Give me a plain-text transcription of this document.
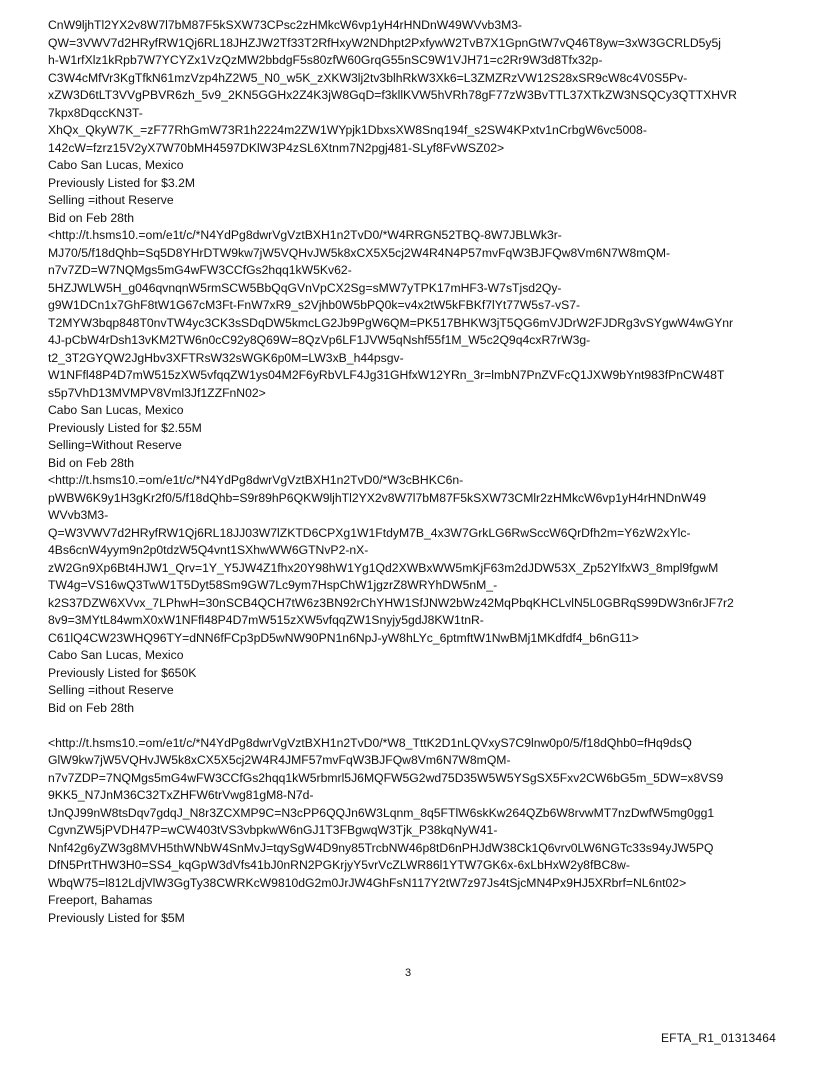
CnW9ljhTl2YX2v8W7l7bM87F5kSXW73CPsc2zHMkcW6vp1yH4rHNDnW49WVvb3M3-
QW=3VWV7d2HRyfRW1Qj6RL18JHZJW2Tf33T2RfHxyW2NDhpt2PxfywW2TvB7X1GpnGtW7vQ46T8yw=3xW3GCRLD5y5j
h-W1rfXlz1kRpb7W7YCYZx1VzQzMW2bbdgF5s80zfW60GrqG55nSC9W1VJH71=c2Rr9W3d8Tfx32p-
C3W4cMfVr3KgTfkN61mzVzp4hZ2W5_N0_w5K_zXKW3lj2tv3blhRkW3Xk6=L3ZMZRzVW12S28xSR9cW8c4V0S5Pv-
xZW3D6tLT3VVgPBVR6zh_5v9_2KN5GGHx2Z4K3jW8GqD=f3kllKVW5hVRh78gF77zW3BvTTL37XTkZW3NSQCy3QTTXHVR
7kpx8DqccKN3T-
XhQx_QkyW7K_=zF77RhGmW73R1h2224m2ZW1WYpjk1DbxsXW8Snq194f_s2SW4KPxtv1nCrbgW6vc5008-
142cW=fzrz15V2yX7W70bMH4597DKlW3P4zSL6Xtnm7N2pgj481-SLyf8FvWSZ02>
Cabo San Lucas, Mexico
Previously Listed for $3.2M
Selling =ithout Reserve
Bid on Feb 28th
<http://t.hsms10.=om/e1t/c/*N4YdPg8dwrVgVztBXH1n2TvD0/*W4RRGN52TBQ-8W7JBLWk3r-
MJ70/5/f18dQhb=Sq5D8YHrDTW9kw7jW5VQHvJW5k8xCX5X5cj2W4R4N4P57mvFqW3BJFQw8Vm6N7W8mQM-
n7v7ZD=W7NQMgs5mG4wFW3CCfGs2hqq1kW5Kv62-
5HZJWLW5H_g046qvnqnW5rmSCW5BbQqGVnVpCX2Sg=sMW7yTPK17mHF3-W7sTjsd2Qy-
g9W1DCn1x7GhF8tW1G67cM3Ft-FnW7xR9_s2Vjhb0W5bPQ0k=v4x2tW5kFBKf7lYt77W5s7-vS7-
T2MYW3bqp848T0nvTW4yc3CK3sSDqDW5kmcLG2Jb9PgW6QM=PK517BHKW3jT5QG6mVJDrW2FJDRg3vSYgwW4wGYnr
4J-pCbW4rDsh13vKM2TW6n0cC92y8Q69W=8QzVp6LF1JVW5qNshf55f1M_W5c2Q9q4cxR7rW3g-
t2_3T2GYQW2JgHbv3XFTRsW32sWGK6p0M=LW3xB_h44psgv-
W1NFfl48P4D7mW515zXW5vfqqZW1ys04M2F6yRbVLF4Jg31GHfxW12YRn_3r=lmbN7PnZVFcQ1JXW9bYnt983fPnCW48T
s5p7VhD13MVMPV8Vml3Jf1ZZFnN02>
Cabo San Lucas, Mexico
Previously Listed for $2.55M
Selling=Without Reserve
Bid on Feb 28th
<http://t.hsms10.=om/e1t/c/*N4YdPg8dwrVgVztBXH1n2TvD0/*W3cBHKC6n-
pWBW6K9y1H3gKr2f0/5/f18dQhb=S9r89hP6QKW9ljhTl2YX2v8W7l7bM87F5kSXW73CMlr2zHMkcW6vp1yH4rHNDnW49
WVvb3M3-
Q=W3VWV7d2HRyfRW1Qj6RL18JJ03W7lZKTD6CPXg1W1FtdyM7B_4x3W7GrkLG6RwSccW6QrDfh2m=Y6zW2xYlc-
4Bs6cnW4yym9n2p0tdzW5Q4vnt1SXhwWW6GTNvP2-nX-
zW2Gn9Xp6Bt4HJW1_Qrv=1Y_Y5JW4Z1fhx20Y98hW1Yg1Qd2XWBxWW5mKjF63m2dJDW53X_Zp52YlfxW3_8mpl9fgwM
TW4g=VS16wQ3TwW1T5Dyt58Sm9GW7Lc9ym7HspChW1jgzrZ8WRYhDW5nM_-
k2S37DZW6XVvx_7LPhwH=30nSCB4QCH7tW6z3BN92rChYHW1SfJNW2bWz42MqPbqKHCLvlN5L0GBRqS99DW3n6rJF7r2
8v9=3MYtL84wmX0xW1NFfl48P4D7mW515zXW5vfqqZW1Snyjy5gdJ8KW1tnR-
C61lQ4CW23WHQ96TY=dNN6fFCp3pD5wNW90PN1n6NpJ-yW8hLYc_6ptmftW1NwBMj1MKdfdf4_b6nG11>
Cabo San Lucas, Mexico
Previously Listed for $650K
Selling =ithout Reserve
Bid on Feb 28th
<http://t.hsms10.=om/e1t/c/*N4YdPg8dwrVgVztBXH1n2TvD0/*W8_TttK2D1nLQVxyS7C9lnw0p0/5/f18dQhb0=fHq9dsQ
GlW9kw7jW5VQHvJW5k8xCX5X5cj2W4R4JMF57mvFqW3BJFQw8Vm6N7W8mQM-
n7v7ZDP=7NQMgs5mG4wFW3CCfGs2hqq1kW5rbmrl5J6MQFW5G2wd75D35W5W5YSgSX5Fxv2CW6bG5m_5DW=x8VS9
9KK5_N7JnM36C32TxZHFW6trVwg81gM8-N7d-
tJnQJ99nW8tsDqv7gdqJ_N8r3ZCXMP9C=N3cPP6QQJn6W3Lqnm_8q5FTlW6skKw264QZb6W8rvwMT7nzDwfW5mg0gg1
CgvnZW5jPVDH47P=wCW403tVS3vbpkwW6nGJ1T3FBgwqW3Tjk_P38kqNyW41-
Nnf42g6yZW3g8MVH5thWNbW4SnMvJ=tqySgW4D9ny85TrcbNW46p8tD6nPHJdW38Ck1Q6vrv0LW6NGTc33s94yJW5PQ
DfN5PrtTHW3H0=SS4_kqGpW3dVfs41bJ0nRN2PGKrjyY5vrVcZLWR86l1YTW7GK6x-6xLbHxW2y8fBC8w-
WbqW75=l812LdjVlW3GgTy38CWRKcW9810dG2m0JrJW4GhFsN117Y2tW7z97Js4tSjcMN4Px9HJ5XRbrf=NL6nt02>
Freeport, Bahamas
Previously Listed for $5M
3
EFTA_R1_01313464
